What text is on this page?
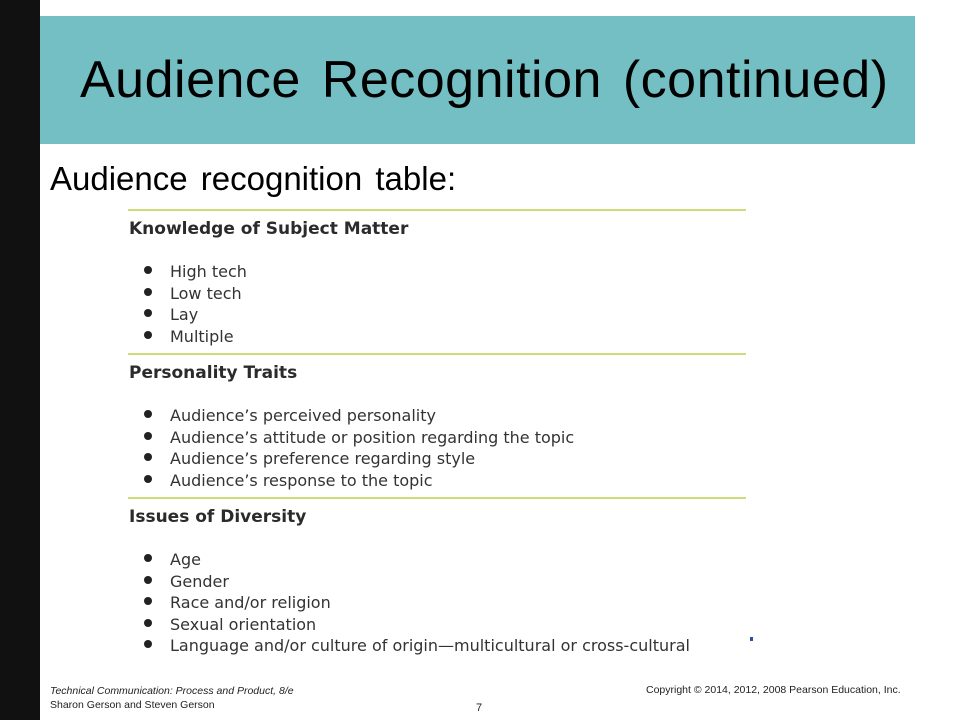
Audience Recognition (continued)
Audience recognition table:
Knowledge of Subject Matter
High tech
Low tech
Lay
Multiple
Personality Traits
Audience’s perceived personality
Audience’s attitude or position regarding the topic
Audience’s preference regarding style
Audience’s response to the topic
Issues of Diversity
Age
Gender
Race and/or religion
Sexual orientation
Language and/or culture of origin—multicultural or cross-cultural
Technical Communication: Process and Product, 8/e
Sharon Gerson and Steven Gerson	7
Copyright © 2014, 2012, 2008 Pearson Education, Inc.
